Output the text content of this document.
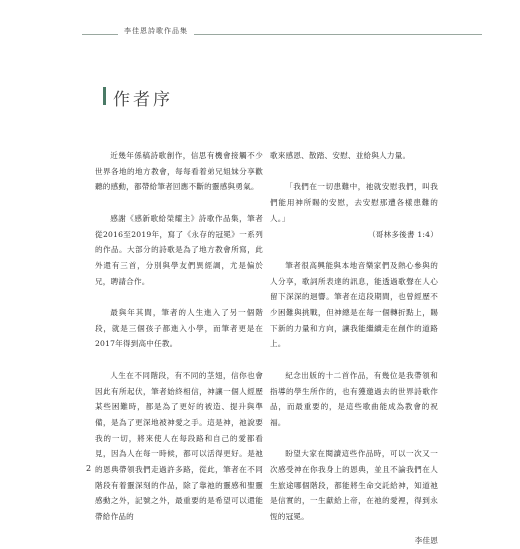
李佳恩詩歌作品集
作者序

近幾年係稿詩歌創作，信思有機會接觸不少世界各地的地方教會，每每看着弟兄姐妹分享歡聽的感動，都帶給筆者回應不斷的靈感與勇氣。

感謝《感新歌給榮耀主》詩歌作品集，筆者從2016至2019年，寫了《永存的冠冕》一系列的作品。大部分的詩歌是為了地方教會所寫，此外還有三首，分別與學友們異經調，尤是偏於兄，聘請合作。

最與年其間，筆者的人生進入了另一個階段，就是三個孩子都進入小學，而筆者更是在2017年得到高中任教。

人生在不同階段，有不同的茎翅，信你也會因此有所起伏，筆者始終相信，神讓一個人經歷某些困難時，都是為了更好的被造、提升與準備，是為了更深地被神愛之手。這是神，祂說要我的一切，將來使人在每段路和自己的愛都看見，因為人在每一時候，都可以活得更好。是祂的恩典帶領我們走過許多路，從此，筆者在不同階段有着靈深刻的作品，除了靠祂的靈感和聖靈感動之外，記號之外，最重要的是希望可以還能帶給作品的

歌來感恩、散踏、安慰、並給與人力量。

「我們在一切患難中，祂就安慰我們，叫我們能用神所賜的安慰，去安慰那遭各樣患難的人。」

（哥林多後書 1:4）

筆者很高興能與本地音樂家們及熱心參與的人分享，歌詞所表達的訊息，能透過歌聲在人心留下深深的迴響。筆者在這段期間，也曾經歷不少困難與挑戰，但神總是在每一個轉折點上，賜下新的力量和方向，讓我能繼續走在創作的道路上。

紀念出版的十二首作品，有幾位是我帶領和指導的學生所作的，也有獲邀過去的世界詩歌作品，而最重要的，是這些歌曲能成為教會的祝福。

盼望大家在閱讀這些作品時，可以一次又一次感受神在你我身上的恩典，並且不論我們在人生旅途哪個階段，都能將生命交託給神，知道祂是信實的，一生獻給上帝，在祂的愛裡，得到永恆的冠冕。

李佳恩
2
